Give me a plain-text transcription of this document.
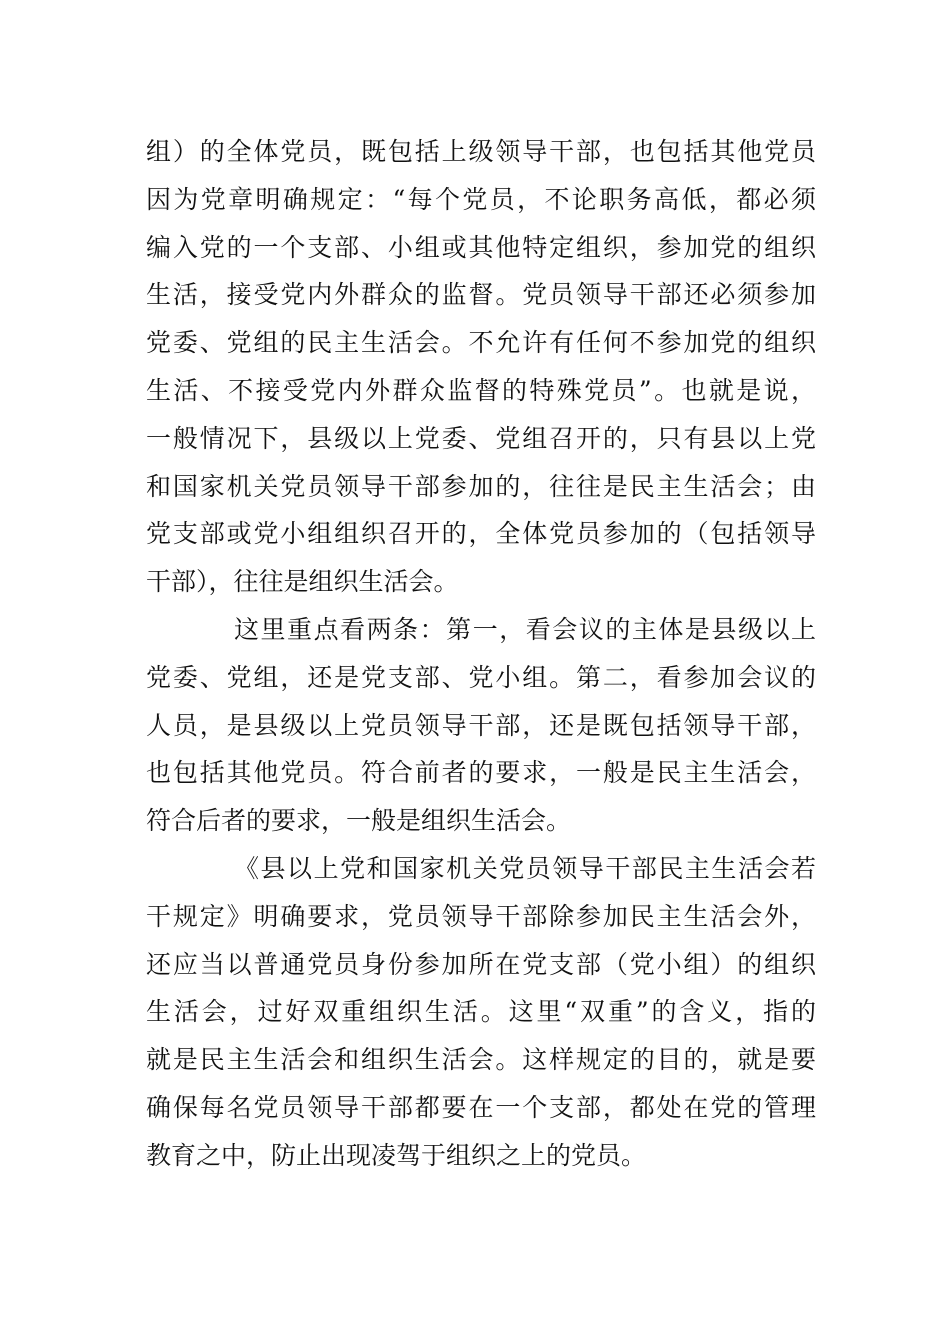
组）的全体党员，既包括上级领导干部，也包括其他党员
因为党章明确规定：“每个党员，不论职务高低，都必须
编入党的一个支部、小组或其他特定组织，参加党的组织
生活，接受党内外群众的监督。党员领导干部还必须参加
党委、党组的民主生活会。不允许有任何不参加党的组织
生活、不接受党内外群众监督的特殊党员”。也就是说，
一般情况下，县级以上党委、党组召开的，只有县以上党
和国家机关党员领导干部参加的，往往是民主生活会；由
党支部或党小组组织召开的，全体党员参加的（包括领导
干部），往往是组织生活会。
这里重点看两条：第一，看会议的主体是县级以上
党委、党组，还是党支部、党小组。第二，看参加会议的
人员，是县级以上党员领导干部，还是既包括领导干部，
也包括其他党员。符合前者的要求，一般是民主生活会，
符合后者的要求，一般是组织生活会。
《县以上党和国家机关党员领导干部民主生活会若
干规定》明确要求，党员领导干部除参加民主生活会外，
还应当以普通党员身份参加所在党支部（党小组）的组织
生活会，过好双重组织生活。这里“双重”的含义，指的
就是民主生活会和组织生活会。这样规定的目的，就是要
确保每名党员领导干部都要在一个支部，都处在党的管理
教育之中，防止出现凌驾于组织之上的党员。
